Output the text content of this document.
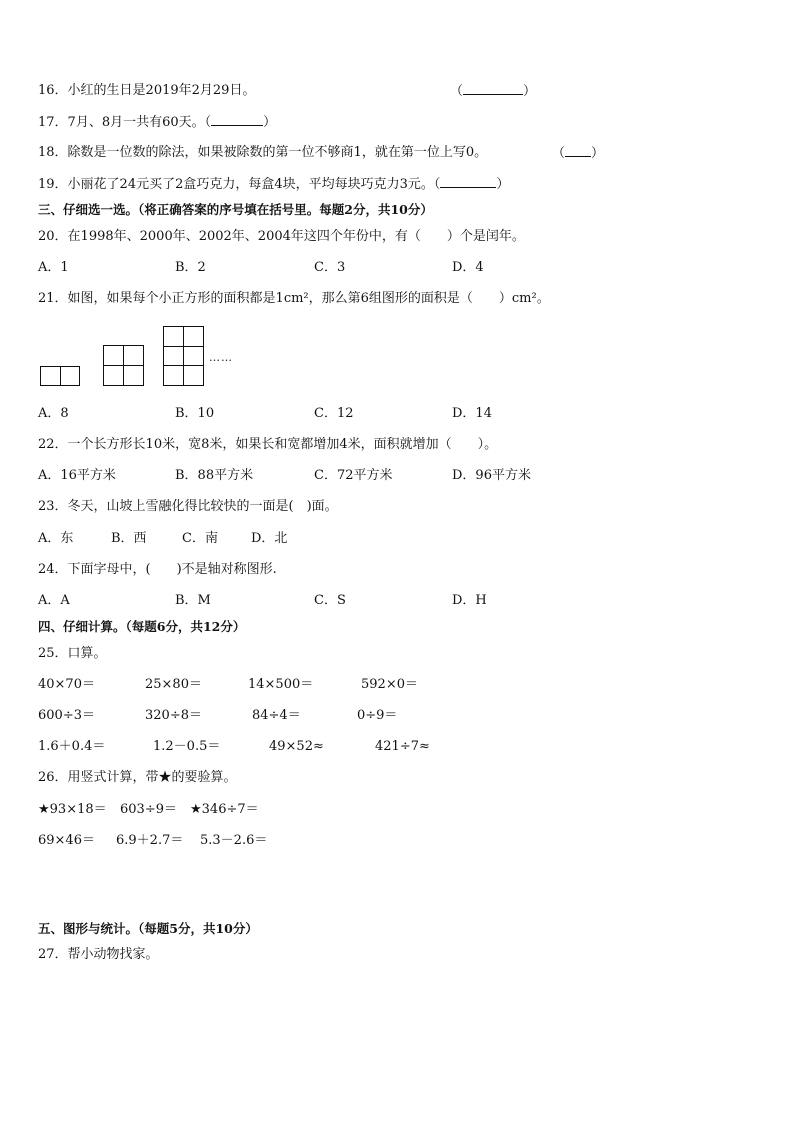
16．小红的生日是2019年2月29日。	（	）
17．7月、8月一共有60天。（	）
18．除数是一位数的除法，如果被除数的第一位不够商1，就在第一位上写0。	（ ）
19．小丽花了24元买了2盒巧克力，每盒4块，平均每块巧克力3元。（	）
三、仔细选一选。（将正确答案的序号填在括号里。每题2分，共10分）
20．在1998年、2000年、2002年、2004年这四个年份中，有（　　）个是闰年。
A．1	B．2	C．3	D．4
21．如图，如果每个小正方形的面积都是1cm²，那么第6组图形的面积是（　　）cm²。
……
A．8	B．10	C．12	D．14
22．一个长方形长10米，宽8米，如果长和宽都增加4米，面积就增加（　　）。
A．16平方米	B．88平方米	C．72平方米	D．96平方米
23．冬天，山坡上雪融化得比较快的一面是(　)面。
A．东	B．西	C．南	D．北
24．下面字母中，(　　)不是轴对称图形.
A．A	B．M	C．S	D．H
四、仔细计算。（每题6分，共12分）
25．口算。
40×70＝	25×80＝	14×500＝	592×0＝
600÷3＝	320÷8＝	84÷4＝	0÷9＝
1.6＋0.4＝	1.2－0.5＝	49×52≈	421÷7≈
26．用竖式计算，带★的要验算。
★93×18＝ 603÷9＝ ★346÷7＝
69×46＝ 6.9＋2.7＝ 5.3－2.6＝
五、图形与统计。（每题5分，共10分）
27．帮小动物找家。
